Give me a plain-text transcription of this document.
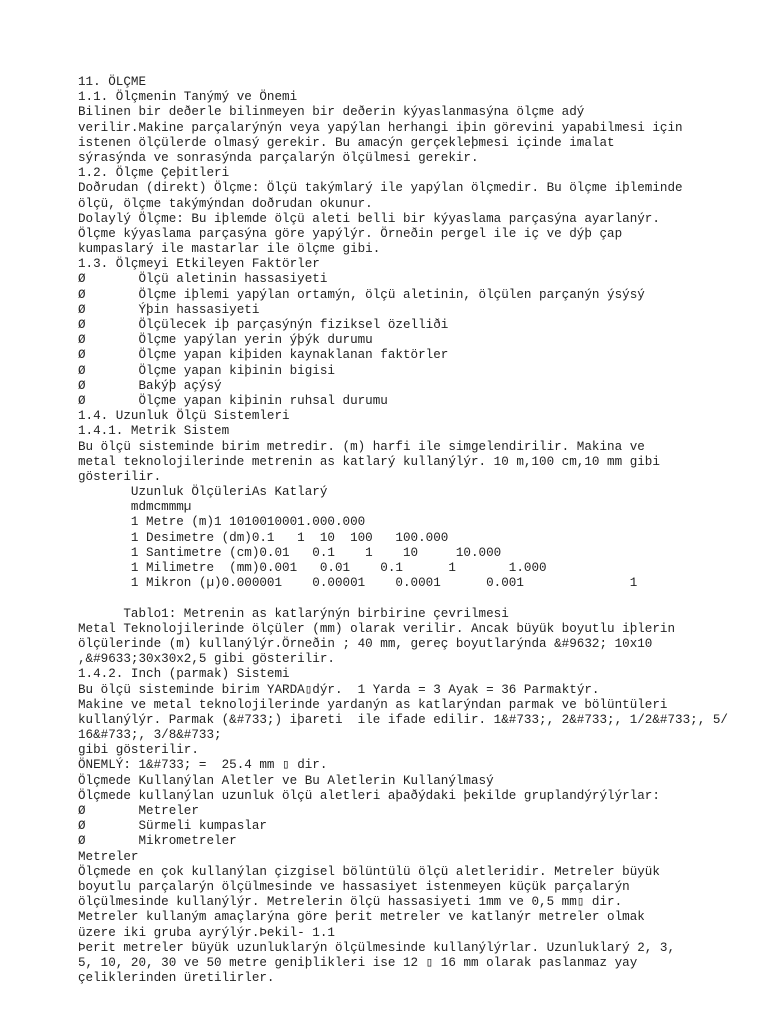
11. ÖLÇME
1.1. Ölçmenin Tanýmý ve Önemi
Bilinen bir deðerle bilinmeyen bir deðerin kýyaslanmasýna ölçme adý
verilir.Makine parçalarýnýn veya yapýlan herhangi iþin görevini yapabilmesi için
istenen ölçülerde olmasý gerekir. Bu amacýn gerçekleþmesi içinde imalat
sýrasýnda ve sonrasýnda parçalarýn ölçülmesi gerekir.
1.2. Ölçme Çeþitleri
Doðrudan (direkt) Ölçme: Ölçü takýmlarý ile yapýlan ölçmedir. Bu ölçme iþleminde
ölçü, ölçme takýmýndan doðrudan okunur.
Dolaylý Ölçme: Bu iþlemde ölçü aleti belli bir kýyaslama parçasýna ayarlanýr.
Ölçme kýyaslama parçasýna göre yapýlýr. Örneðin pergel ile iç ve dýþ çap
kumpaslarý ile mastarlar ile ölçme gibi.
1.3. Ölçmeyi Etkileyen Faktörler
Ø       Ölçü aletinin hassasiyeti
Ø       Ölçme iþlemi yapýlan ortamýn, ölçü aletinin, ölçülen parçanýn ýsýsý
Ø       Ýþin hassasiyeti
Ø       Ölçülecek iþ parçasýnýn fiziksel özelliði
Ø       Ölçme yapýlan yerin ýþýk durumu
Ø       Ölçme yapan kiþiden kaynaklanan faktörler
Ø       Ölçme yapan kiþinin bigisi
Ø       Bakýþ açýsý
Ø       Ölçme yapan kiþinin ruhsal durumu
1.4. Uzunluk Ölçü Sistemleri
1.4.1. Metrik Sistem
Bu ölçü sisteminde birim metredir. (m) harfi ile simgelendirilir. Makina ve
metal teknolojilerinde metrenin as katlarý kullanýlýr. 10 m,100 cm,10 mm gibi
gösterilir.
Uzunluk ÖlçüleriAs Katlarý
mdmcmmmµ
1 Metre (m)1 1010010001.000.000
1 Desimetre (dm)0.1   1  10  100   100.000
1 Santimetre (cm)0.01   0.1    1    10     10.000
1 Milimetre  (mm)0.001   0.01    0.1      1       1.000
1 Mikron (µ)0.000001    0.00001    0.0001      0.001              1
Tablo1: Metrenin as katlarýnýn birbirine çevrilmesi
Metal Teknolojilerinde ölçüler (mm) olarak verilir. Ancak büyük boyutlu iþlerin
ölçülerinde (m) kullanýlýr.Örneðin ; 40 mm, gereç boyutlarýnda &#9632; 10x10
,&#9633;30x30x2,5 gibi gösterilir.
1.4.2. Inch (parmak) Sistemi
Bu ölçü sisteminde birim YARDA▯dýr.  1 Yarda = 3 Ayak = 36 Parmaktýr.
Makine ve metal teknolojilerinde yardanýn as katlarýndan parmak ve bölüntüleri
kullanýlýr. Parmak (&#733;) iþareti  ile ifade edilir. 1&#733;, 2&#733;, 1/2&#733;, 5/
16&#733;, 3/8&#733;
gibi gösterilir.
ÖNEMLÝ: 1&#733; =  25.4 mm ▯ dir.
Ölçmede Kullanýlan Aletler ve Bu Aletlerin Kullanýlmasý
Ölçmede kullanýlan uzunluk ölçü aletleri aþaðýdaki þekilde gruplandýrýlýrlar:
Ø       Metreler
Ø       Sürmeli kumpaslar
Ø       Mikrometreler
Metreler
Ölçmede en çok kullanýlan çizgisel bölüntülü ölçü aletleridir. Metreler büyük
boyutlu parçalarýn ölçülmesinde ve hassasiyet istenmeyen küçük parçalarýn
ölçülmesinde kullanýlýr. Metrelerin ölçü hassasiyeti 1mm ve 0,5 mm▯ dir.
Metreler kullaným amaçlarýna göre þerit metreler ve katlanýr metreler olmak
üzere iki gruba ayrýlýr.Þekil- 1.1
Þerit metreler büyük uzunluklarýn ölçülmesinde kullanýlýrlar. Uzunluklarý 2, 3,
5, 10, 20, 30 ve 50 metre geniþlikleri ise 12 ▯ 16 mm olarak paslanmaz yay
çeliklerinden üretilirler.
